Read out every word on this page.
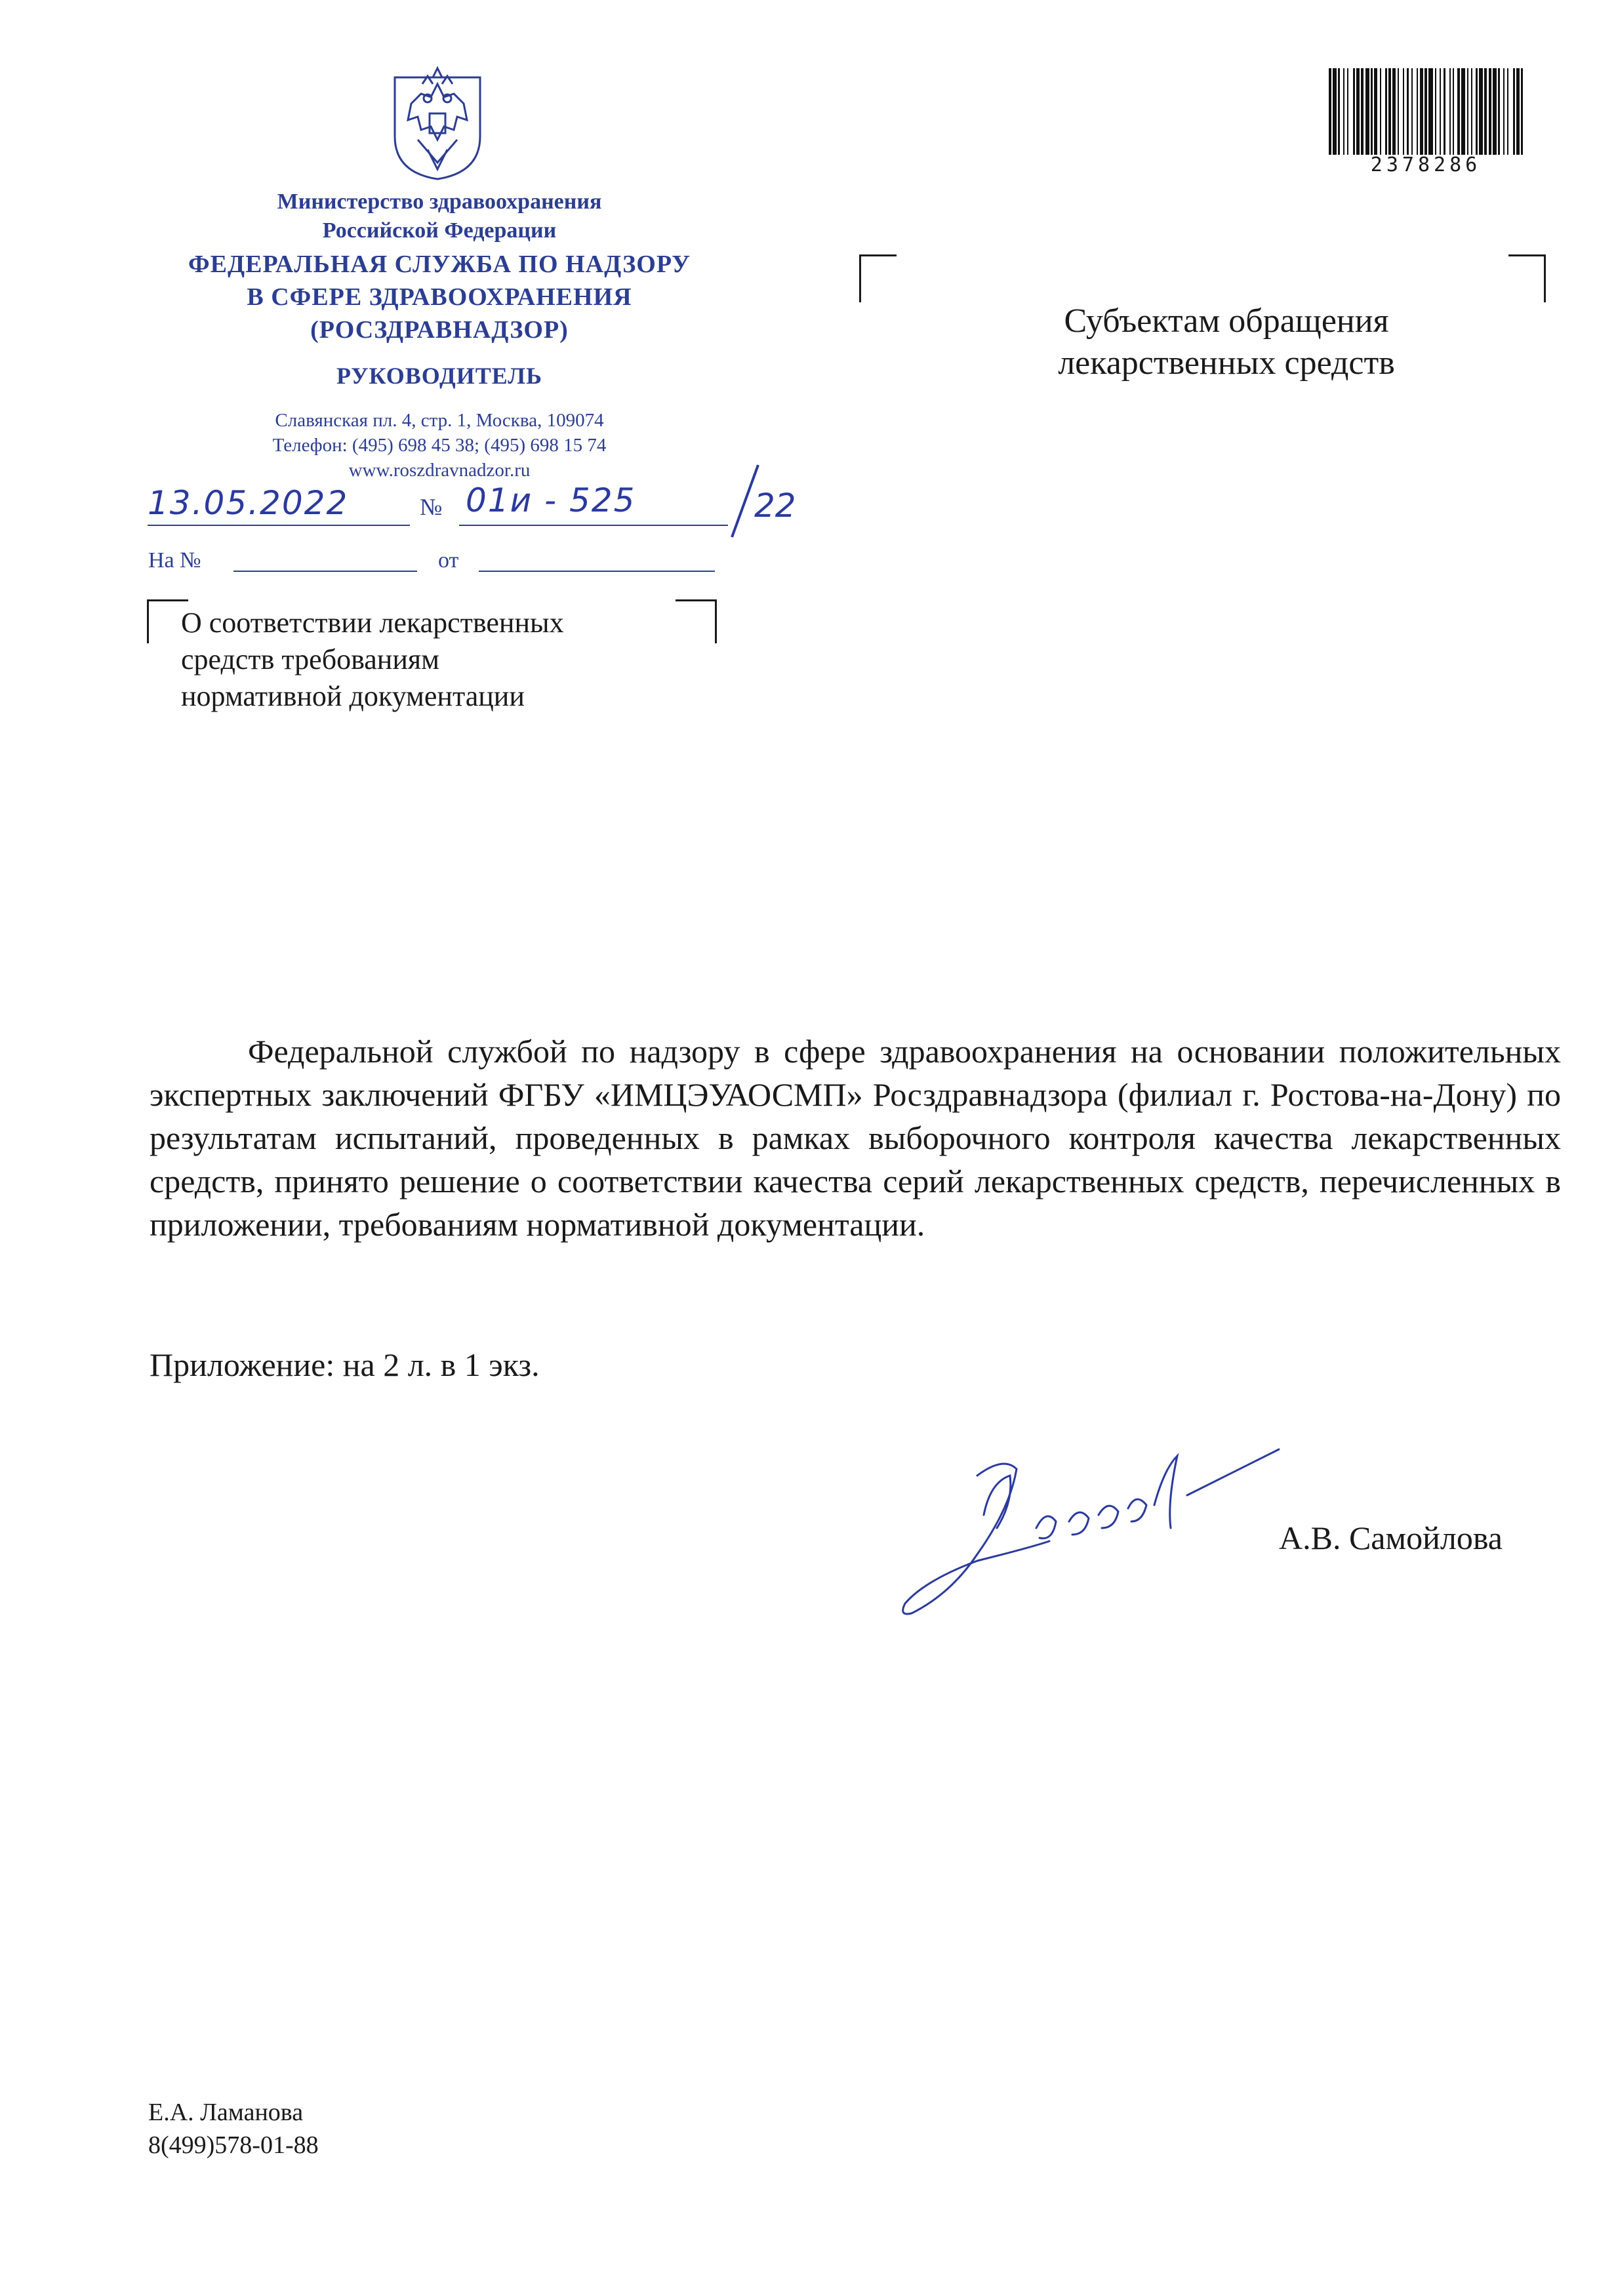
Министерство здравоохранения
Российской Федерации
ФЕДЕРАЛЬНАЯ СЛУЖБА ПО НАДЗОРУ
В СФЕРЕ ЗДРАВООХРАНЕНИЯ
(РОСЗДРАВНАДЗОР)
РУКОВОДИТЕЛЬ
Славянская пл. 4, стр. 1, Москва, 109074
Телефон: (495) 698 45 38; (495) 698 15 74
www.roszdravnadzor.ru
13.05.2022	№ 01и - 525	22
На №	от
О соответствии лекарственных
средств требованиям
нормативной документации
Субъектам обращения
лекарственных средств
2378286
Федеральной службой по надзору в сфере здравоохранения на основании положительных экспертных заключений ФГБУ «ИМЦЭУАОСМП» Росздравнадзора (филиал г. Ростова-на-Дону) по результатам испытаний, проведенных в рамках выборочного контроля качества лекарственных средств, принято решение о соответствии качества серий лекарственных средств, перечисленных в приложении, требованиям нормативной документации.
Приложение: на 2 л. в 1 экз.
А.В. Самойлова
Е.А. Ламанова
8(499)578-01-88
